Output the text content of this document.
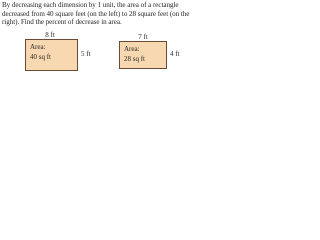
By decreasing each dimension by 1 unit, the area of a rectangle decreased from 40 square feet (on the left) to 28 square feet (on the right). Find the percent of decrease in area.
8 ft
Area:
40 sq ft	5 ft
7 ft
Area:
28 sq ft
4 ft
